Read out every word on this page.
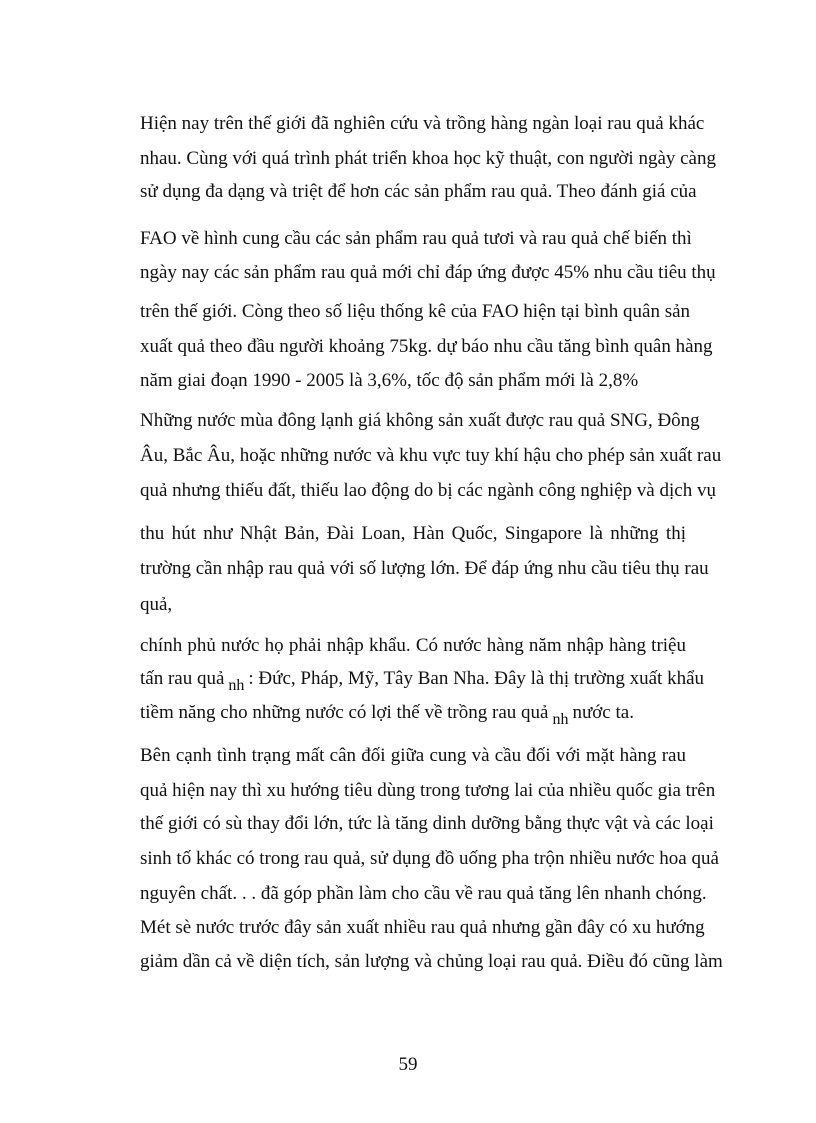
Hiện nay trên thế giới đã nghiên cứu và trồng hàng ngàn loại rau quả khác
nhau. Cùng với quá trình phát triển khoa học kỹ thuật, con người ngày càng
sử dụng đa dạng và triệt để hơn các sản phẩm rau quả. Theo đánh giá của
FAO về hình cung cầu các sản phẩm rau quả tươi và rau quả chế biến thì
ngày nay các sản phẩm rau quả mới chỉ đáp ứng được 45% nhu cầu tiêu thụ
trên thế giới. Còng theo số liệu thống kê của FAO hiện tại bình quân sản
xuất quả theo đầu người khoảng 75kg. dự báo nhu cầu tăng bình quân hàng
năm giai đoạn 1990 - 2005 là 3,6%, tốc độ sản phẩm mới là 2,8%
Những nước mùa đông lạnh giá không sản xuất được rau quả SNG, Đông
Âu, Bắc Âu, hoặc những nước và khu vực tuy khí hậu cho phép sản xuất rau
quả nhưng thiếu đất, thiếu lao động do bị các ngành công nghiệp và dịch vụ
thu hút như Nhật Bản, Đài Loan, Hàn Quốc, Singapore là những thị
trường cần nhập rau quả với số lượng lớn. Để đáp ứng nhu cầu tiêu thụ rau
quả,
chính phủ nước họ phải nhập khẩu. Có nước hàng năm nhập hàng triệu
tấn rau quả $_{nh}$ : Đức, Pháp, Mỹ, Tây Ban Nha. Đây là thị trường xuất khẩu
tiềm năng cho những nước có lợi thế về trồng rau quả $_{nh}$ nước ta.
Bên cạnh tình trạng mất cân đối giữa cung và cầu đối với mặt hàng rau
quả hiện nay thì xu hướng tiêu dùng trong tương lai của nhiều quốc gia trên
thế giới có sù thay đổi lớn, tức là tăng dinh dưỡng bằng thực vật và các loại
sinh tố khác có trong rau quả, sử dụng đồ uống pha trộn nhiều nước hoa quả
nguyên chất. . . đã góp phần làm cho cầu về rau quả tăng lên nhanh chóng.
Mét sè nước trước đây sản xuất nhiều rau quả nhưng gần đây có xu hướng
giảm dần cả về diện tích, sản lượng và chủng loại rau quả. Điều đó cũng làm
59
